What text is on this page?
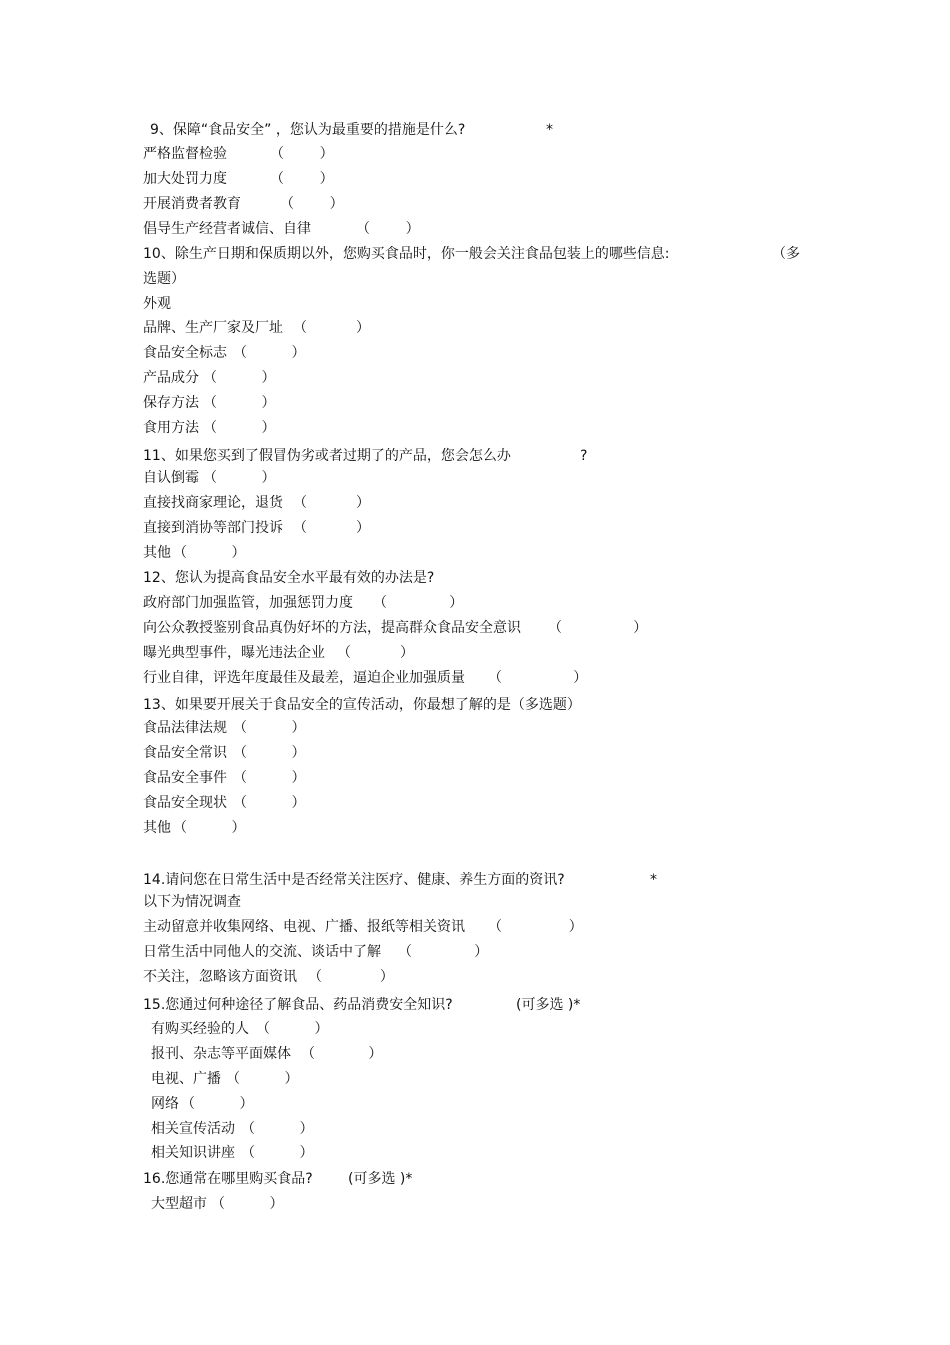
9、保障“食品安全” ，您认为最重要的措施是什么?	*
严格监督检验	（        ）
加大处罚力度	（        ）
开展消费者教育	（        ）
倡导生产经营者诚信、自律	（        ）
10、除生产日期和保质期以外，您购买食品时，你一般会关注食品包装上的哪些信息:	（多
选题）
外观
品牌、生产厂家及厂址 （           ）
食品安全标志 （          ）
产品成分 （          ）
保存方法 （          ）
食用方法 （          ）
11、如果您买到了假冒伪劣或者过期了的产品，您会怎么办	?
自认倒霉 （          ）
直接找商家理论，退货 （           ）
直接到消协等部门投诉 （           ）
其他 （          ）
12、您认为提高食品安全水平最有效的办法是?
政府部门加强监管，加强惩罚力度 （              ）
向公众教授鉴别食品真伪好坏的方法，提高群众食品安全意识 （                ）
曝光典型事件，曝光违法企业 （           ）
行业自律，评选年度最佳及最差，逼迫企业加强质量 （                ）
13、如果要开展关于食品安全的宣传活动，你最想了解的是（多选题）
食品法律法规 （          ）
食品安全常识 （          ）
食品安全事件 （          ）
食品安全现状 （          ）
其他 （          ）
14.请问您在日常生活中是否经常关注医疗、健康、养生方面的资讯?	*
以下为情况调查
主动留意并收集网络、电视、广播、报纸等相关资讯 （               ）
日常生活中同他人的交流、谈话中了解 （              ）
不关注，忽略该方面资讯 （             ）
15.您通过何种途径了解食品、药品消费安全知识?	(可多选 )*
有购买经验的人 （          ）
报刊、杂志等平面媒体 （            ）
电视、广播 （          ）
网络 （          ）
相关宣传活动 （          ）
相关知识讲座 （          ）
16.您通常在哪里购买食品?	(可多选 )*
大型超市 （          ）
